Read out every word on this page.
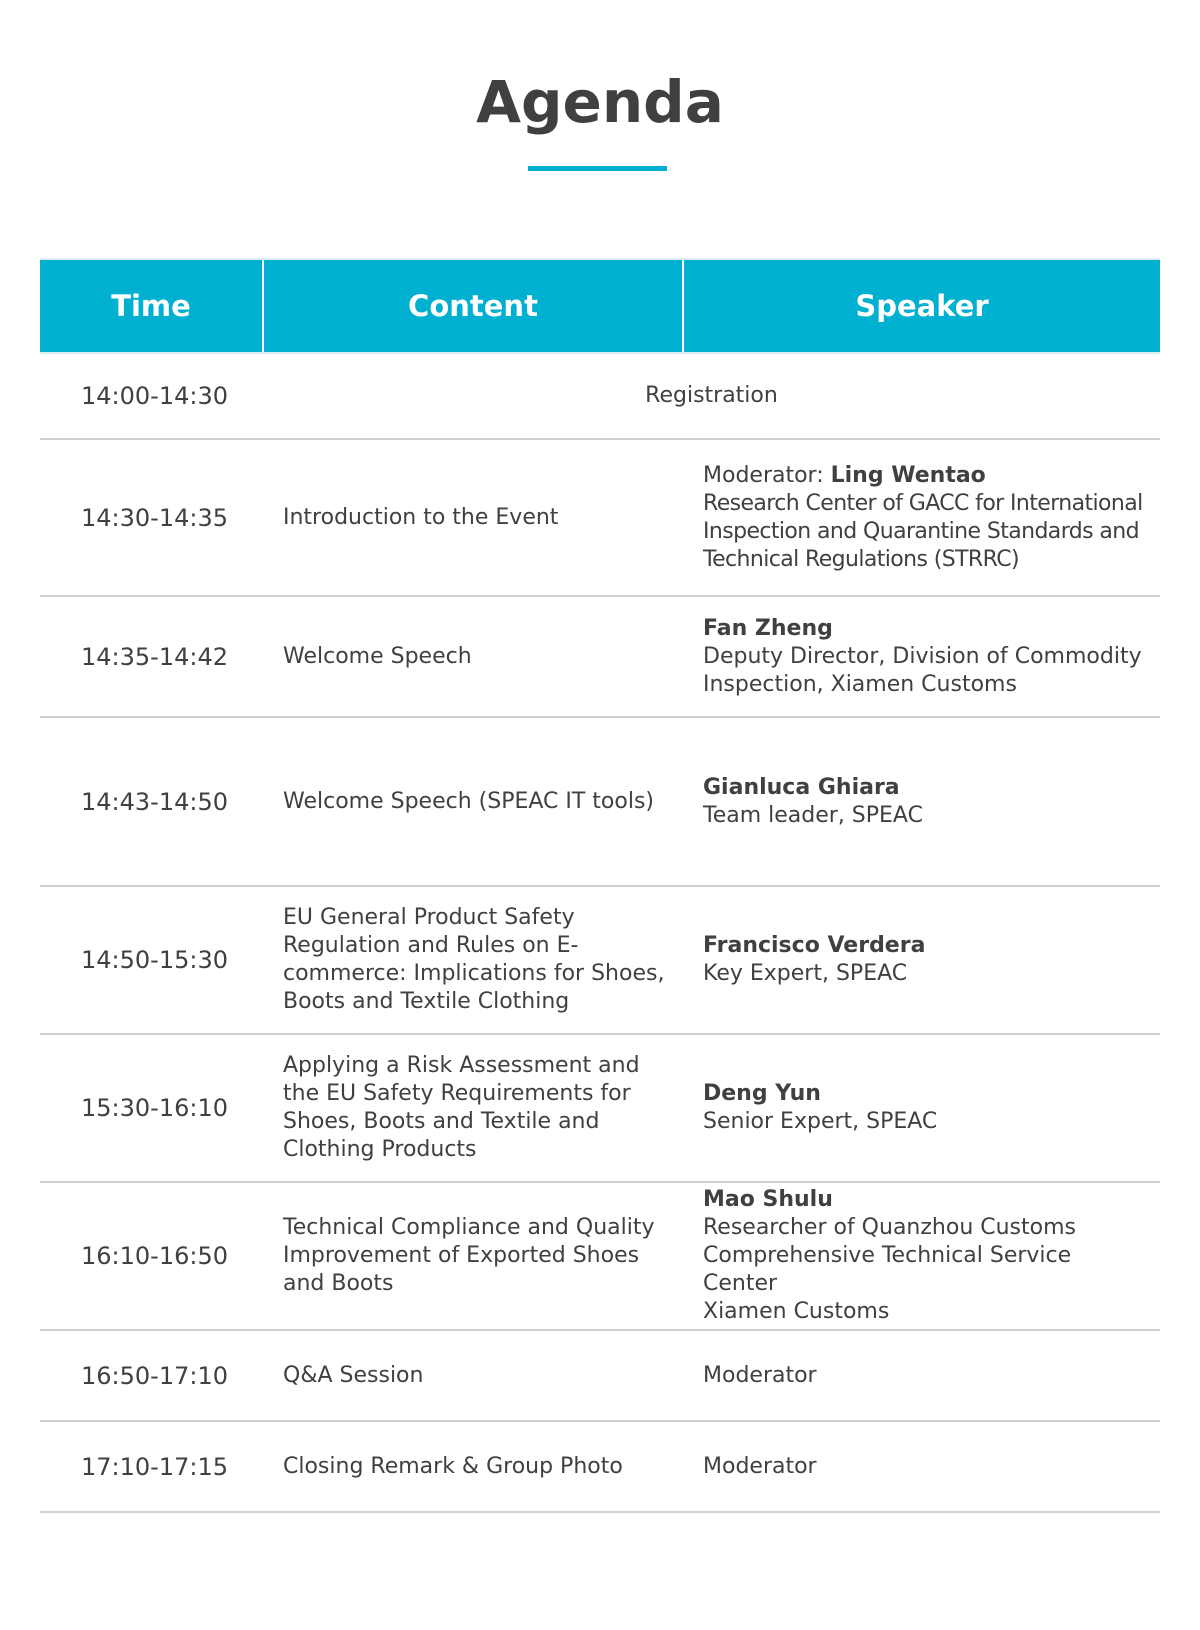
Agenda
Time	Content	Speaker
14:00-14:30	Registration	
14:30-14:35	Introduction to the Event	Moderator: Ling Wentao
Research Center of GACC for International
Inspection and Quarantine Standards and
Technical Regulations (STRRC)

14:35-14:42	Welcome Speech	Fan Zheng
Deputy Director, Division of Commodity
Inspection, Xiamen Customs

14:43-14:50	Welcome Speech (SPEAC IT tools)	Gianluca Ghiara
Team leader, SPEAC

14:50-15:30	EU General Product Safety Regulation and Rules on E-commerce: Implications for Shoes, Boots and Textile Clothing	Francisco Verdera
Key Expert, SPEAC

15:30-16:10	Applying a Risk Assessment and the EU Safety Requirements for Shoes, Boots and Textile and Clothing Products	Deng Yun
Senior Expert, SPEAC

16:10-16:50	Technical Compliance and Quality Improvement of Exported Shoes and Boots	Mao Shulu
Researcher of Quanzhou Customs
Comprehensive Technical Service Center
Xiamen Customs

16:50-17:10	Q&A Session	Moderator
17:10-17:15	Closing Remark & Group Photo	Moderator
